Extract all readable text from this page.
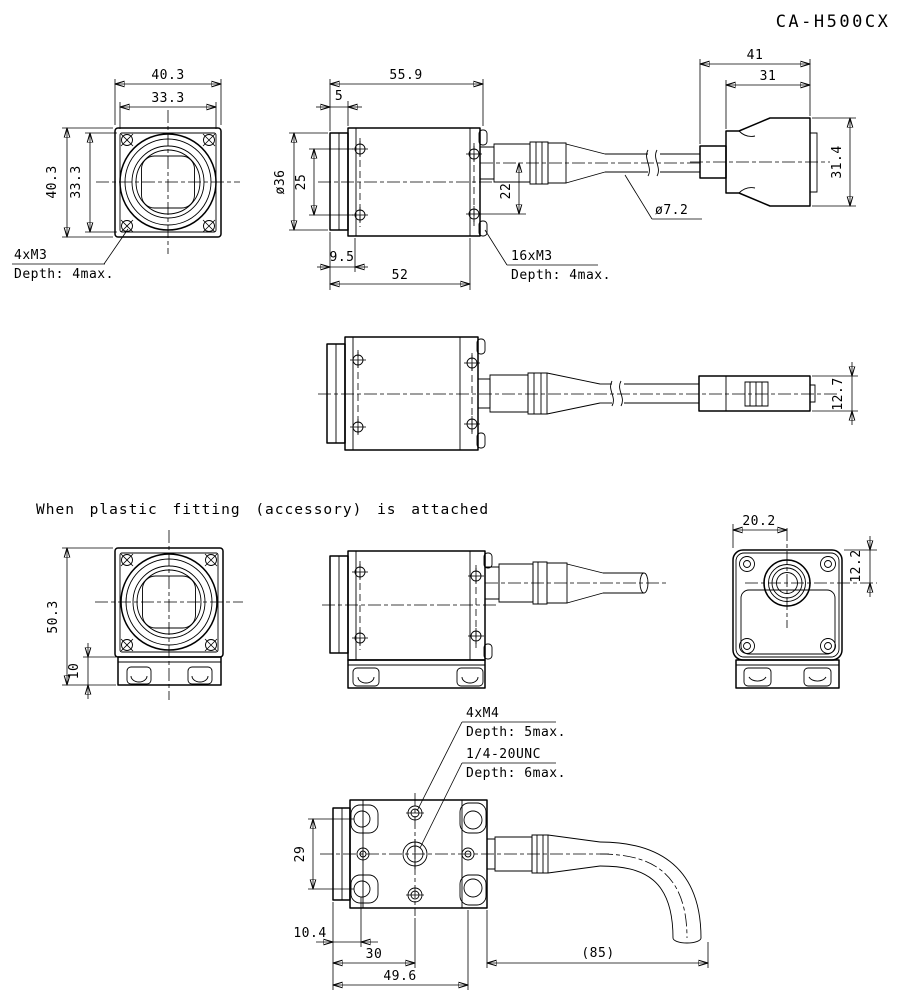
CA-H500CX
40.3
33.3
40.3 33.3
4xM3
Depth: 4max.
55.9
5
ø36 25
22
9.5
52
16xM3
Depth: 4max.
ø7.2
41
31
31.4
12.7
When plastic fitting (accessory) is attached
50.3
10
20.2
12.2
4xM4
Depth: 5max.
1/4-20UNC
Depth: 6max.
29
10.4
30
49.6
(85)
